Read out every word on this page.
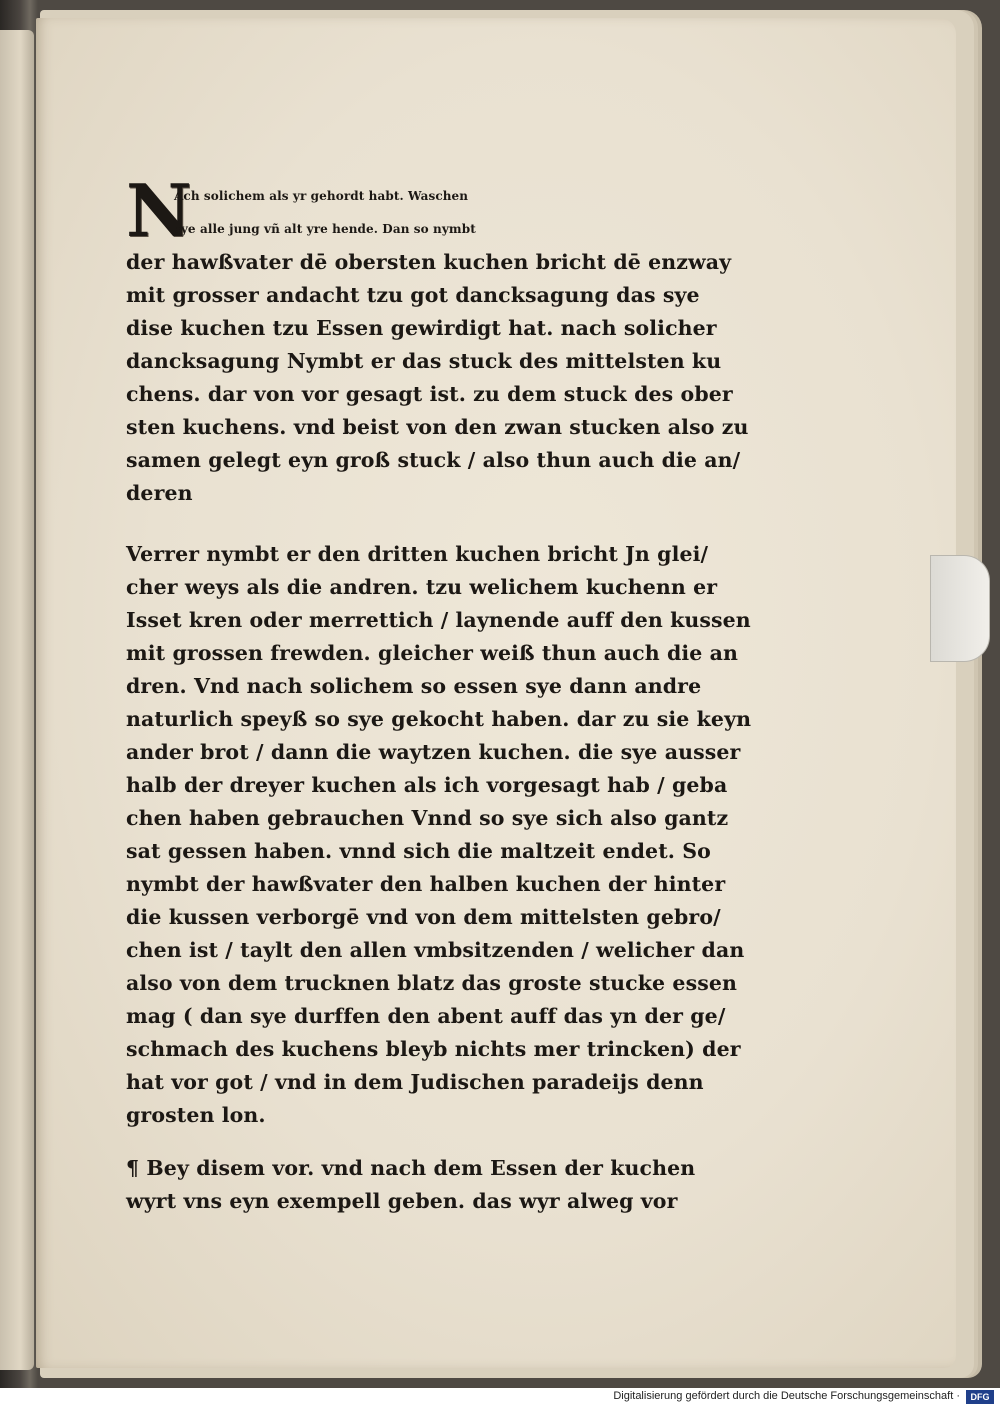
N
Ach solichem als yr gehordt habt. Waschen
sye alle jung vñ alt yre hende. Dan so nymbt
der hawßvater dē obersten kuchen bricht dē enzway
mit grosser andacht tzu got dancksagung das sye
dise kuchen tzu Essen gewirdigt hat. nach solicher
dancksagung Nymbt er das stuck des mittelsten ku
chens. dar von vor gesagt ist. zu dem stuck des ober
sten kuchens. vnd beist von den zwan stucken also zu
samen gelegt eyn groß stuck / also thun auch die an/
deren
Verrer nymbt er den dritten kuchen bricht Jn glei/
cher weys als die andren. tzu welichem kuchenn er
Isset kren oder merrettich / laynende auff den kussen
mit grossen frewden. gleicher weiß thun auch die an
dren. Vnd nach solichem so essen sye dann andre
naturlich speyß so sye gekocht haben. dar zu sie keyn
ander brot / dann die waytzen kuchen. die sye ausser
halb der dreyer kuchen als ich vorgesagt hab / geba
chen haben gebrauchen Vnnd so sye sich also gantz
sat gessen haben. vnnd sich die maltzeit endet. So
nymbt der hawßvater den halben kuchen der hinter
die kussen verborgē vnd von dem mittelsten gebro/
chen ist / taylt den allen vmbsitzenden / welicher dan
also von dem trucknen blatz das groste stucke essen
mag ( dan sye durffen den abent auff das yn der ge/
schmach des kuchens bleyb nichts mer trincken) der
hat vor got / vnd in dem Judischen paradeijs denn
grosten lon.
¶ Bey disem vor. vnd nach dem Essen der kuchen
wyrt vns eyn exempell geben. das wyr alweg vor
Digitalisierung gefördert durch die Deutsche Forschungsgemeinschaft ·	DFG
